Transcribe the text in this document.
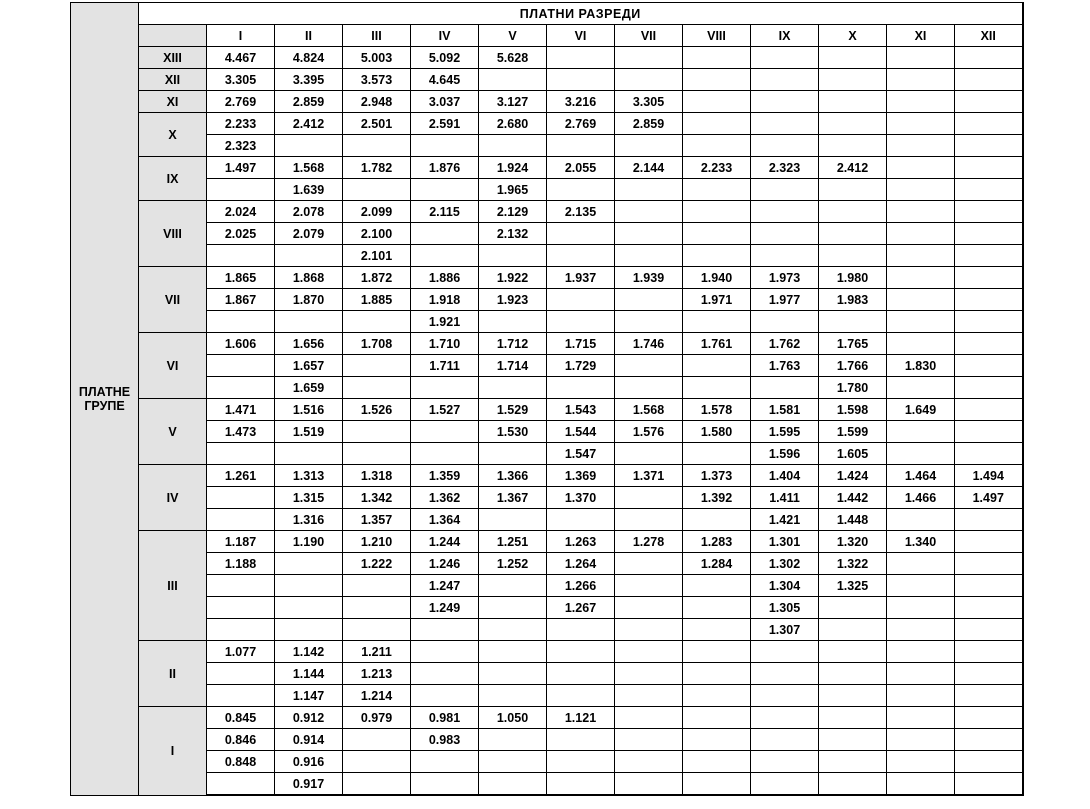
ПЛАТНЕ
ГРУПЕ	ПЛАТНИ РАЗРЕДИ												
		I	II	III	IV	V	VI	VII	VIII	IX	X	XI	XII
	XIII	4.467	4.824	5.003	5.092	5.628							
	XII	3.305	3.395	3.573	4.645								
	XI	2.769	2.859	2.948	3.037	3.127	3.216	3.305					
	X	2.233	2.412	2.501	2.591	2.680	2.769	2.859					
		2.323											
	IX	1.497	1.568	1.782	1.876	1.924	2.055	2.144	2.233	2.323	2.412		
			1.639			1.965							
	VIII	2.024	2.078	2.099	2.115	2.129	2.135						
		2.025	2.079	2.100		2.132							
				2.101									
	VII	1.865	1.868	1.872	1.886	1.922	1.937	1.939	1.940	1.973	1.980		
		1.867	1.870	1.885	1.918	1.923			1.971	1.977	1.983		
					1.921								
	VI	1.606	1.656	1.708	1.710	1.712	1.715	1.746	1.761	1.762	1.765		
			1.657		1.711	1.714	1.729			1.763	1.766	1.830	
			1.659								1.780		
	V	1.471	1.516	1.526	1.527	1.529	1.543	1.568	1.578	1.581	1.598	1.649	
		1.473	1.519			1.530	1.544	1.576	1.580	1.595	1.599		
							1.547			1.596	1.605		
	IV	1.261	1.313	1.318	1.359	1.366	1.369	1.371	1.373	1.404	1.424	1.464	1.494
			1.315	1.342	1.362	1.367	1.370		1.392	1.411	1.442	1.466	1.497
			1.316	1.357	1.364					1.421	1.448		
	III	1.187	1.190	1.210	1.244	1.251	1.263	1.278	1.283	1.301	1.320	1.340	
		1.188		1.222	1.246	1.252	1.264		1.284	1.302	1.322		
					1.247		1.266			1.304	1.325		
					1.249		1.267			1.305			
										1.307			
	II	1.077	1.142	1.211									
			1.144	1.213									
			1.147	1.214									
	I	0.845	0.912	0.979	0.981	1.050	1.121						
		0.846	0.914		0.983								
		0.848	0.916										
			0.917										
